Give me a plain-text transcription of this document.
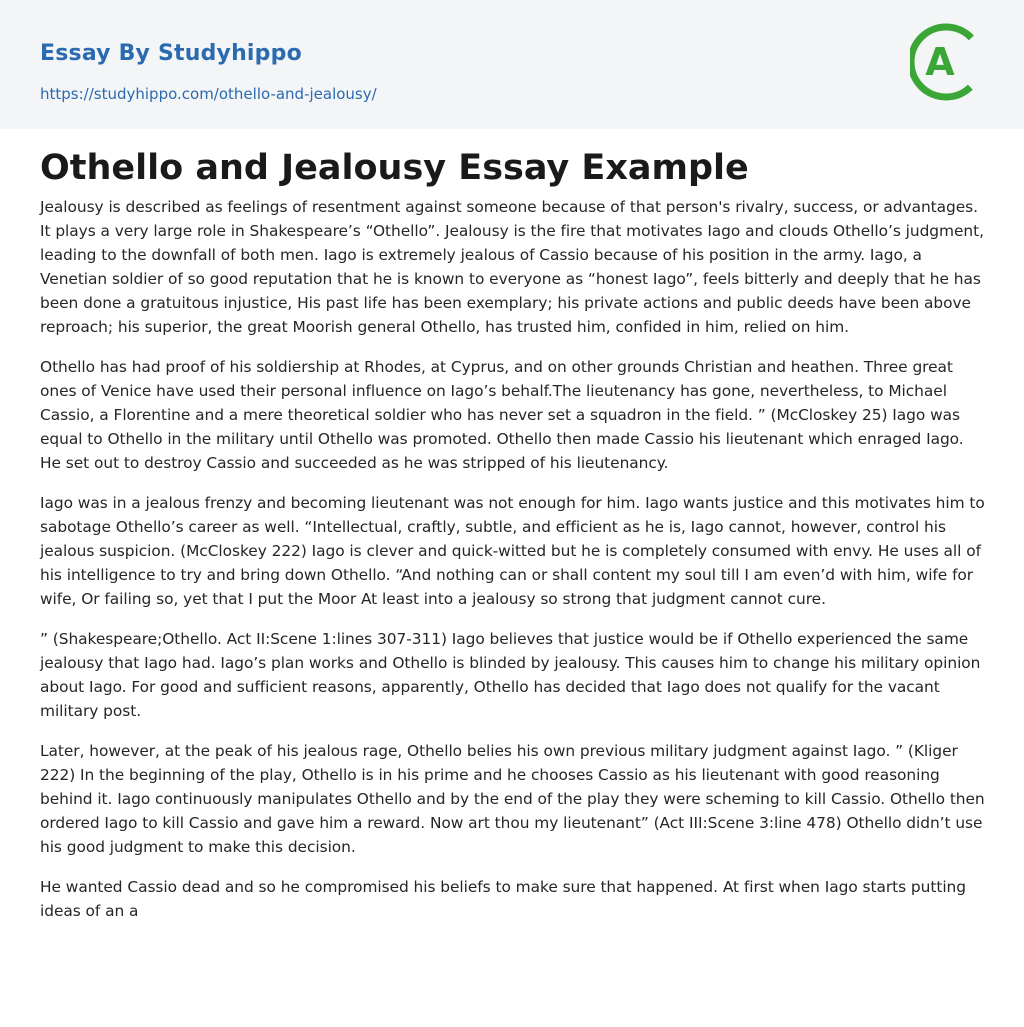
Essay By Studyhippo
https://studyhippo.com/othello-and-jealousy/
A
Othello and Jealousy Essay Example

Jealousy is described as feelings of resentment against someone because of that person's rivalry, success, or advantages. It plays a very large role in Shakespeare’s “Othello”. Jealousy is the fire that motivates Iago and clouds Othello’s judgment, leading to the downfall of both men. Iago is extremely jealous of Cassio because of his position in the army. Iago, a Venetian soldier of so good reputation that he is known to everyone as “honest Iago”, feels bitterly and deeply that he has been done a gratuitous injustice, His past life has been exemplary; his private actions and public deeds have been above reproach; his superior, the great Moorish general Othello, has trusted him, confided in him, relied on him.

Othello has had proof of his soldiership at Rhodes, at Cyprus, and on other grounds Christian and heathen. Three great ones of Venice have used their personal influence on Iago’s behalf.The lieutenancy has gone, nevertheless, to Michael Cassio, a Florentine and a mere theoretical soldier who has never set a squadron in the field. ” (McCloskey 25) Iago was equal to Othello in the military until Othello was promoted. Othello then made Cassio his lieutenant which enraged Iago. He set out to destroy Cassio and succeeded as he was stripped of his lieutenancy.

Iago was in a jealous frenzy and becoming lieutenant was not enough for him. Iago wants justice and this motivates him to sabotage Othello’s career as well. “Intellectual, craftly, subtle, and efficient as he is, Iago cannot, however, control his jealous suspicion. (McCloskey 222) Iago is clever and quick-witted but he is completely consumed with envy. He uses all of his intelligence to try and bring down Othello. “And nothing can or shall content my soul till I am even’d with him, wife for wife, Or failing so, yet that I put the Moor At least into a jealousy so strong that judgment cannot cure.

” (Shakespeare;Othello. Act II:Scene 1:lines 307-311) Iago believes that justice would be if Othello experienced the same jealousy that Iago had. Iago’s plan works and Othello is blinded by jealousy. This causes him to change his military opinion about Iago. For good and sufficient reasons, apparently, Othello has decided that Iago does not qualify for the vacant military post.

Later, however, at the peak of his jealous rage, Othello belies his own previous military judgment against Iago. ” (Kliger 222) In the beginning of the play, Othello is in his prime and he chooses Cassio as his lieutenant with good reasoning behind it. Iago continuously manipulates Othello and by the end of the play they were scheming to kill Cassio. Othello then ordered Iago to kill Cassio and gave him a reward. Now art thou my lieutenant” (Act III:Scene 3:line 478) Othello didn’t use his good judgment to make this decision.

He wanted Cassio dead and so he compromised his beliefs to make sure that happened. At first when Iago starts putting ideas of an a
